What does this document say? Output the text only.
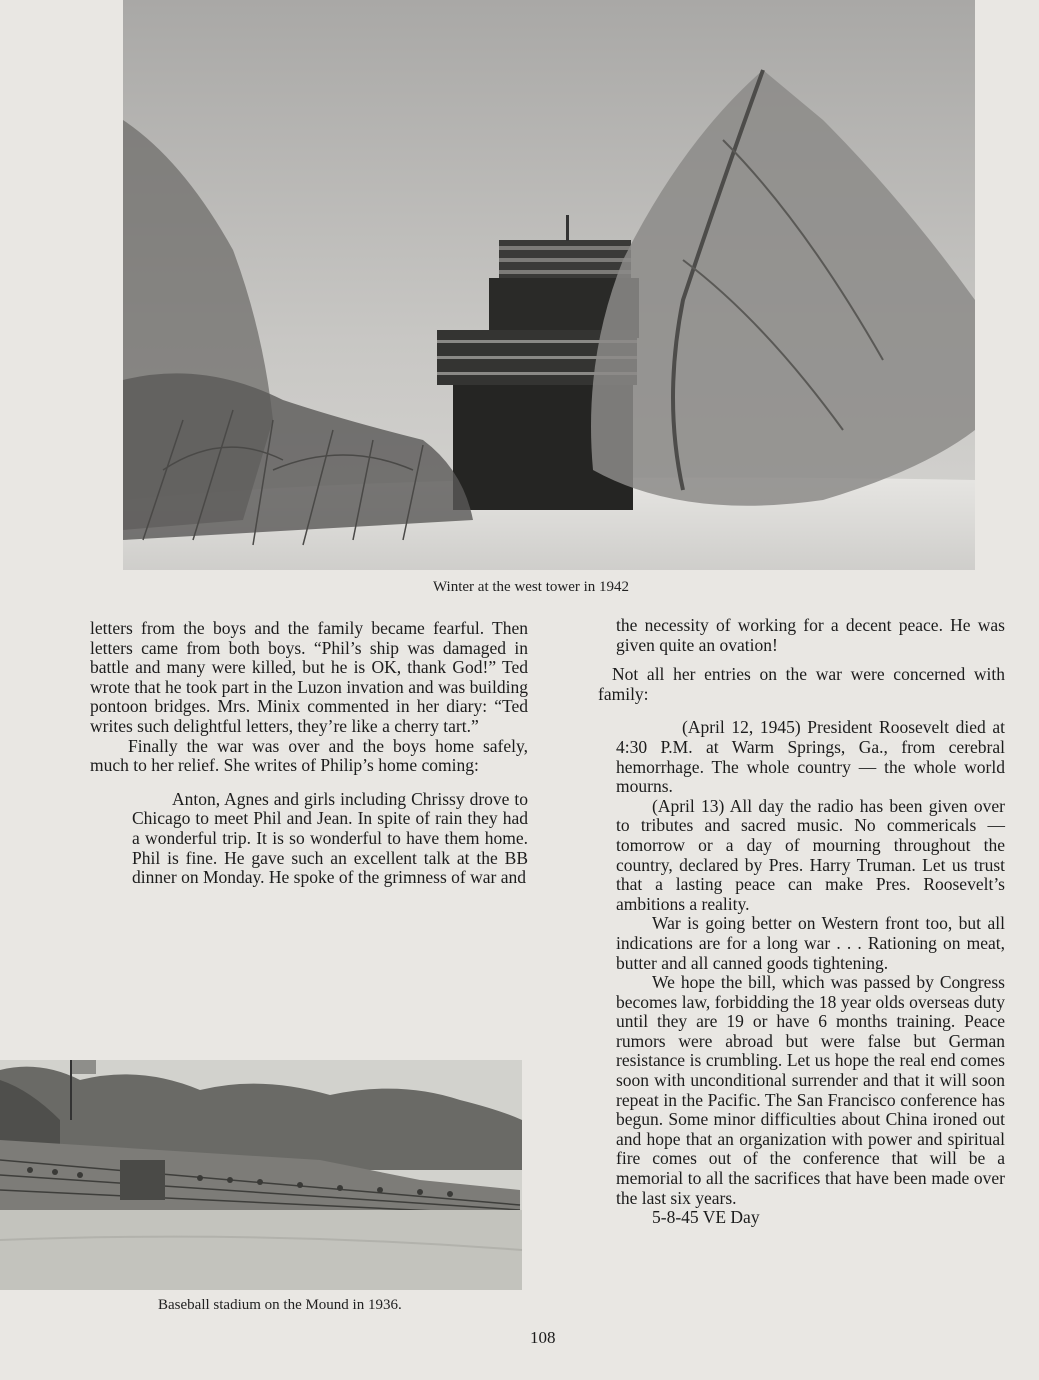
Winter at the west tower in 1942

letters from the boys and the family became fearful. Then letters came from both boys. “Phil’s ship was damaged in battle and many were killed, but he is OK, thank God!” Ted wrote that he took part in the Luzon invation and was building pontoon bridges. Mrs. Minix commented in her diary: “Ted writes such delightful letters, they’re like a cherry tart.”

Finally the war was over and the boys home safely, much to her relief. She writes of Philip’s home coming:

Anton, Agnes and girls including Chrissy drove to Chicago to meet Phil and Jean. In spite of rain they had a wonderful trip. It is so wonderful to have them home. Phil is fine. He gave such an excellent talk at the BB dinner on Monday. He spoke of the grimness of war and

Baseball stadium on the Mound in 1936.

the necessity of working for a decent peace. He was given quite an ovation!

Not all her entries on the war were concerned with family:

(April 12, 1945) President Roosevelt died at 4:30 P.M. at Warm Springs, Ga., from cerebral hemorrhage. The whole country — the whole world mourns.

(April 13) All day the radio has been given over to tributes and sacred music. No commericals — tomorrow or a day of mourning throughout the country, declared by Pres. Harry Truman. Let us trust that a lasting peace can make Pres. Roosevelt’s ambitions a reality.

War is going better on Western front too, but all indications are for a long war . . . Rationing on meat, butter and all canned goods tightening.

We hope the bill, which was passed by Congress becomes law, forbidding the 18 year olds overseas duty until they are 19 or have 6 months training. Peace rumors were abroad but were false but German resistance is crumbling. Let us hope the real end comes soon with unconditional surrender and that it will soon repeat in the Pacific. The San Francisco conference has begun. Some minor difficulties about China ironed out and hope that an organization with power and spiritual fire comes out of the conference that will be a memorial to all the sacrifices that have been made over the last six years.

5-8-45 VE Day

108
